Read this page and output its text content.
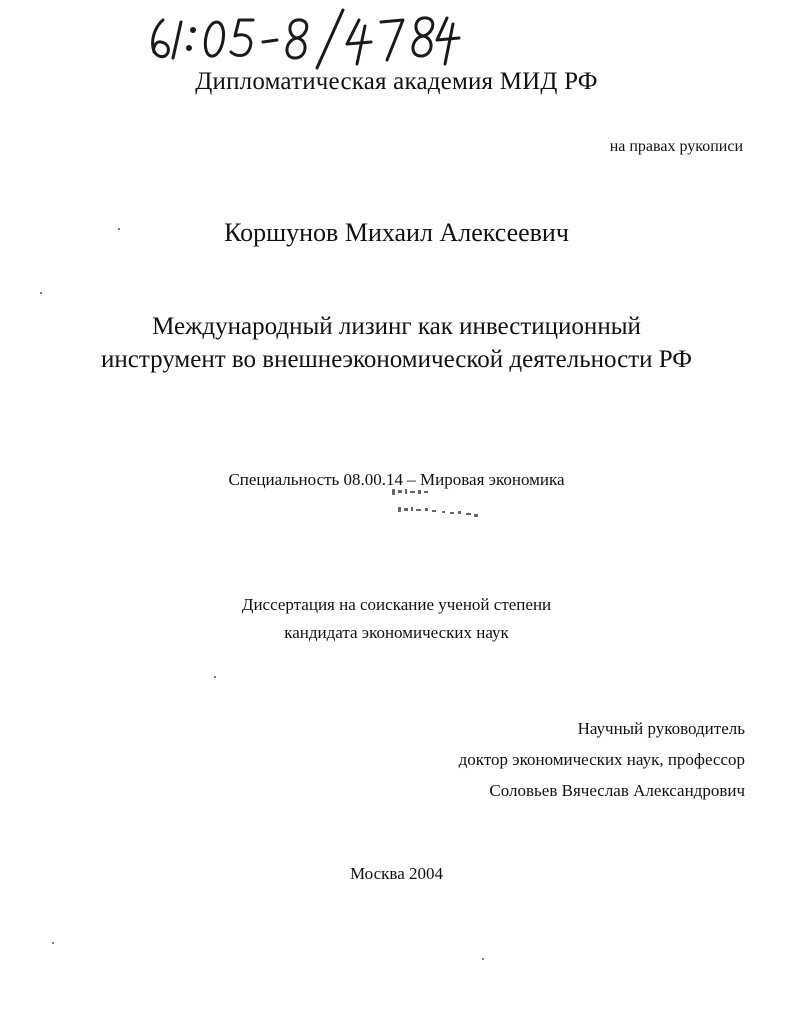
Дипломатическая академия МИД РФ
на правах рукописи
Коршунов Михаил Алексеевич
Международный лизинг как инвестиционный
инструмент во внешнеэкономической деятельности РФ
Специальность 08.00.14 – Мировая экономика
Диссертация на соискание ученой степени
кандидата экономических наук
Научный руководитель
доктор экономических наук, профессор
Соловьев Вячеслав Александрович
Москва 2004
